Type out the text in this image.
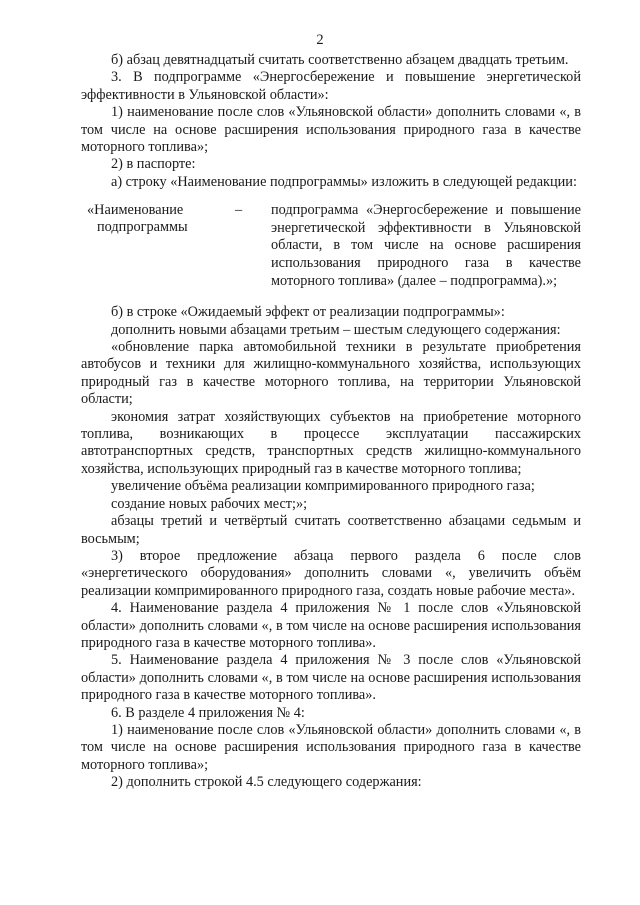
2

б) абзац девятнадцатый считать соответственно абзацем двадцать третьим.

3. В подпрограмме «Энергосбережение и повышение энергетической эффективности в Ульяновской области»:

1) наименование после слов «Ульяновской области» дополнить словами «, в том числе на основе расширения использования природного газа в качестве моторного топлива»;

2) в паспорте:

а) строку «Наименование подпрограммы» изложить в следующей редакции:

«Наименование
подпрограммы
–	подпрограмма «Энергосбережение и повышение энергетической эффективности в Ульяновской области, в том числе на основе расширения использования природного газа в качестве моторного топлива» (далее – подпрограмма).»;

б) в строке «Ожидаемый эффект от реализации подпрограммы»:

дополнить новыми абзацами третьим – шестым следующего содержания:

«обновление парка автомобильной техники в результате приобретения автобусов и техники для жилищно-коммунального хозяйства, использующих природный газ в качестве моторного топлива, на территории Ульяновской области;

экономия затрат хозяйствующих субъектов на приобретение моторного топлива, возникающих в процессе эксплуатации пассажирских автотранспортных средств, транспортных средств жилищно-коммунального хозяйства, использующих природный газ в качестве моторного топлива;

увеличение объёма реализации компримированного природного газа;

создание новых рабочих мест;»;

абзацы третий и четвёртый считать соответственно абзацами седьмым и восьмым;

3) второе предложение абзаца первого раздела 6 после слов «энергетического оборудования» дополнить словами «, увеличить объём реализации компримированного природного газа, создать новые рабочие места».

4. Наименование раздела 4 приложения № 1 после слов «Ульяновской области» дополнить словами «, в том числе на основе расширения использования природного газа в качестве моторного топлива».

5. Наименование раздела 4 приложения № 3 после слов «Ульяновской области» дополнить словами «, в том числе на основе расширения использования природного газа в качестве моторного топлива».

6. В разделе 4 приложения № 4:

1) наименование после слов «Ульяновской области» дополнить словами «, в том числе на основе расширения использования природного газа в качестве моторного топлива»;

2) дополнить строкой 4.5 следующего содержания:
